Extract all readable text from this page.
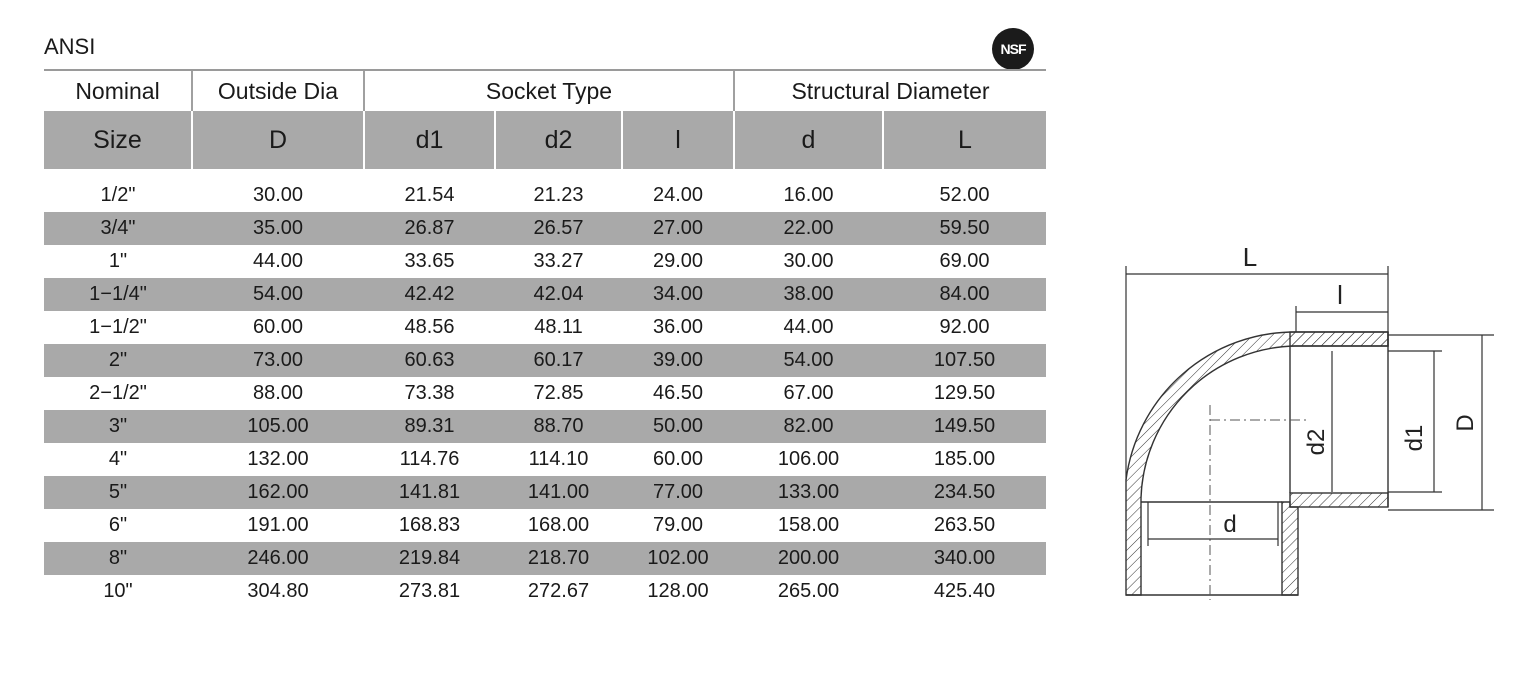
ANSI	NSF
Nominal	Outside Dia	Socket Type			Structural Diameter	
Size	D	d1	d2	l	d	L

1/2"	30.00	21.54	21.23	24.00	16.00	52.00
3/4"	35.00	26.87	26.57	27.00	22.00	59.50
1"	44.00	33.65	33.27	29.00	30.00	69.00
1−1/4"	54.00	42.42	42.04	34.00	38.00	84.00
1−1/2"	60.00	48.56	48.11	36.00	44.00	92.00
2"	73.00	60.63	60.17	39.00	54.00	107.50
2−1/2"	88.00	73.38	72.85	46.50	67.00	129.50
3"	105.00	89.31	88.70	50.00	82.00	149.50
4"	132.00	114.76	114.10	60.00	106.00	185.00
5"	162.00	141.81	141.00	77.00	133.00	234.50
6"	191.00	168.83	168.00	79.00	158.00	263.50
8"	246.00	219.84	218.70	102.00	200.00	340.00
10"	304.80	273.81	272.67	128.00	265.00	425.40
L
l
d
d2	d1
D
